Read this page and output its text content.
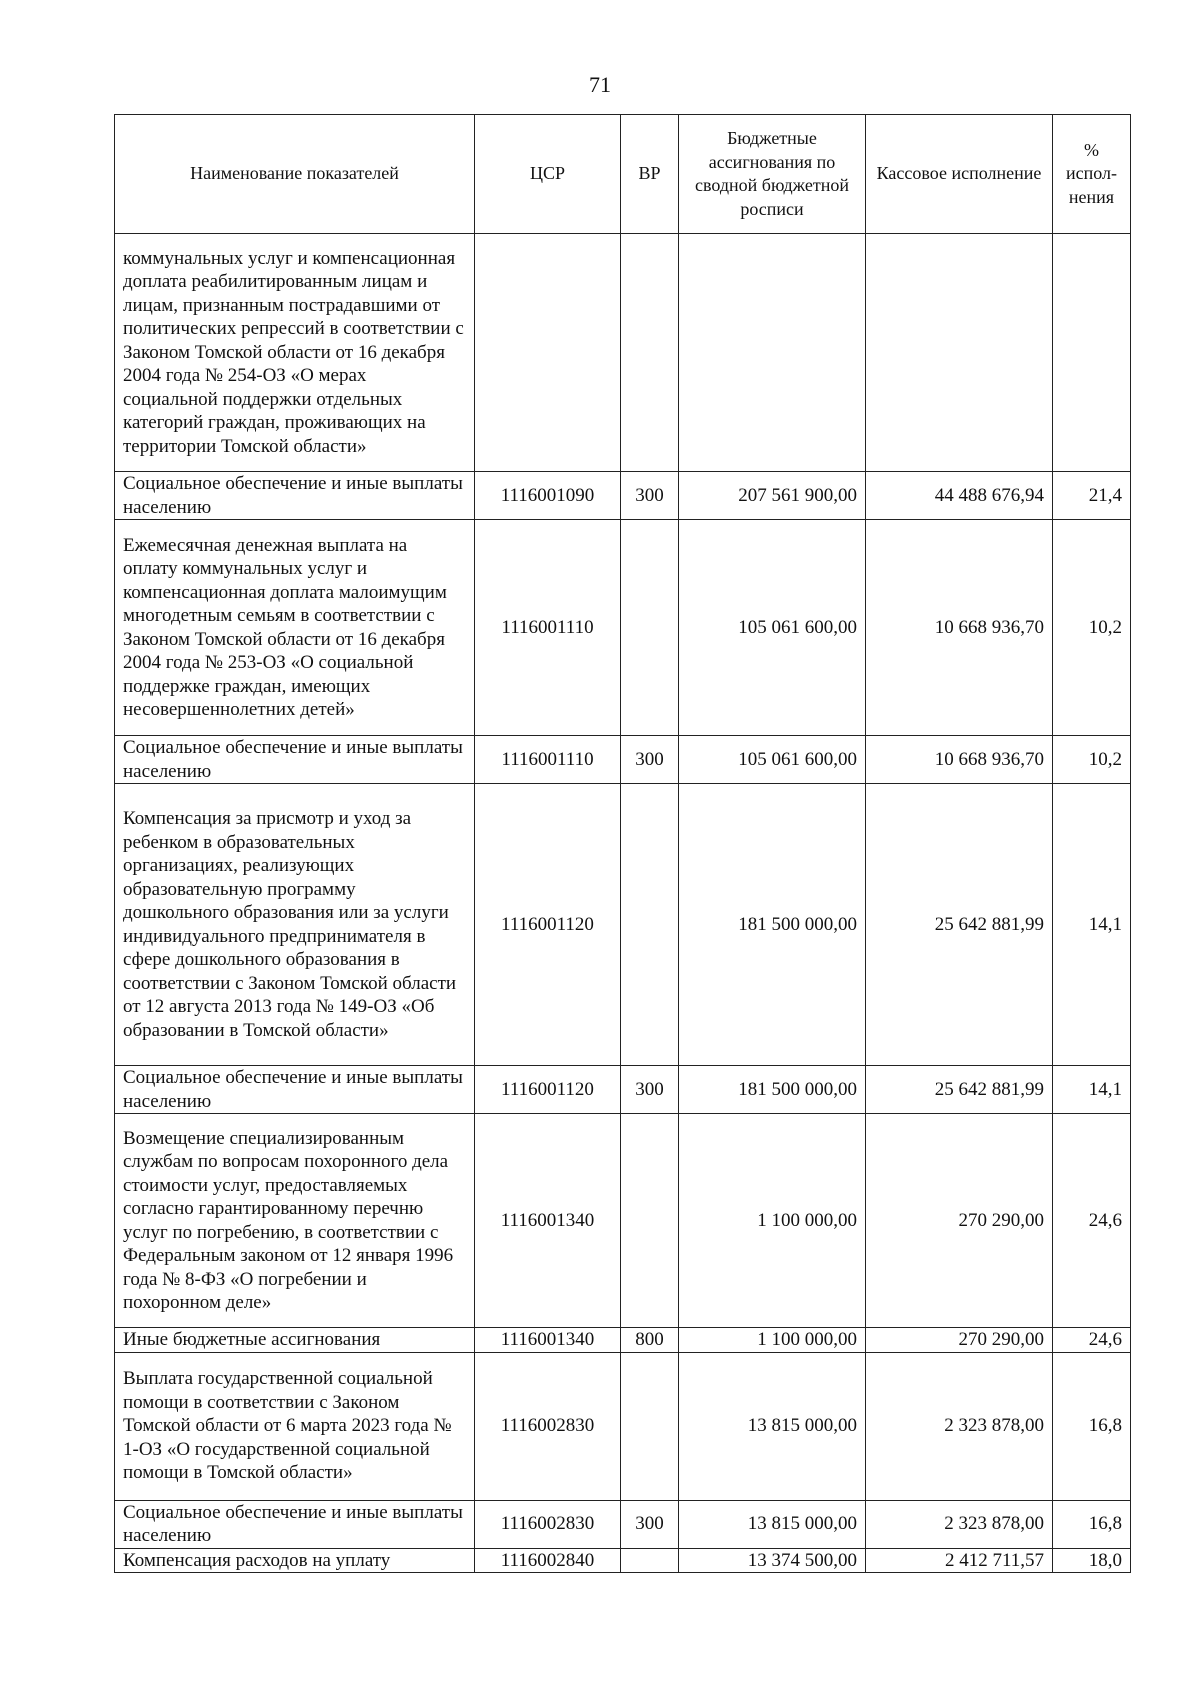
71
Наименование показателей	ЦСР	ВР	Бюджетные ассигнования по сводной бюджетной росписи	Кассовое исполнение	% испол-нения
коммунальных услуг и компенсационная доплата реабилитированным лицам и лицам, признанным пострадавшими от политических репрессий в соответствии с Законом Томской области от 16 декабря 2004 года № 254-ОЗ «О мерах социальной поддержки отдельных категорий граждан, проживающих на территории Томской области»					
Социальное обеспечение и иные выплаты населению	1116001090	300	207 561 900,00	44 488 676,94	21,4
Ежемесячная денежная выплата на оплату коммунальных услуг и компенсационная доплата малоимущим многодетным семьям в соответствии с Законом Томской области от 16 декабря 2004 года № 253-ОЗ «О социальной поддержке граждан, имеющих несовершеннолетних детей»	1116001110		105 061 600,00	10 668 936,70	10,2
Социальное обеспечение и иные выплаты населению	1116001110	300	105 061 600,00	10 668 936,70	10,2
Компенсация за присмотр и уход за ребенком в образовательных организациях, реализующих образовательную программу дошкольного образования или за услуги индивидуального предпринимателя в сфере дошкольного образования в соответствии с Законом Томской области от 12 августа 2013 года № 149-ОЗ «Об образовании в Томской области»	1116001120		181 500 000,00	25 642 881,99	14,1
Социальное обеспечение и иные выплаты населению	1116001120	300	181 500 000,00	25 642 881,99	14,1
Возмещение специализированным службам по вопросам похоронного дела стоимости услуг, предоставляемых согласно гарантированному перечню услуг по погребению, в соответствии с Федеральным законом от 12 января 1996 года № 8-ФЗ «О погребении и похоронном деле»	1116001340		1 100 000,00	270 290,00	24,6
Иные бюджетные ассигнования	1116001340	800	1 100 000,00	270 290,00	24,6
Выплата государственной социальной помощи в соответствии с Законом Томской области от 6 марта 2023 года № 1-ОЗ «О государственной социальной помощи в Томской области»	1116002830		13 815 000,00	2 323 878,00	16,8
Социальное обеспечение и иные выплаты населению	1116002830	300	13 815 000,00	2 323 878,00	16,8
Компенсация расходов на уплату	1116002840		13 374 500,00	2 412 711,57	18,0
